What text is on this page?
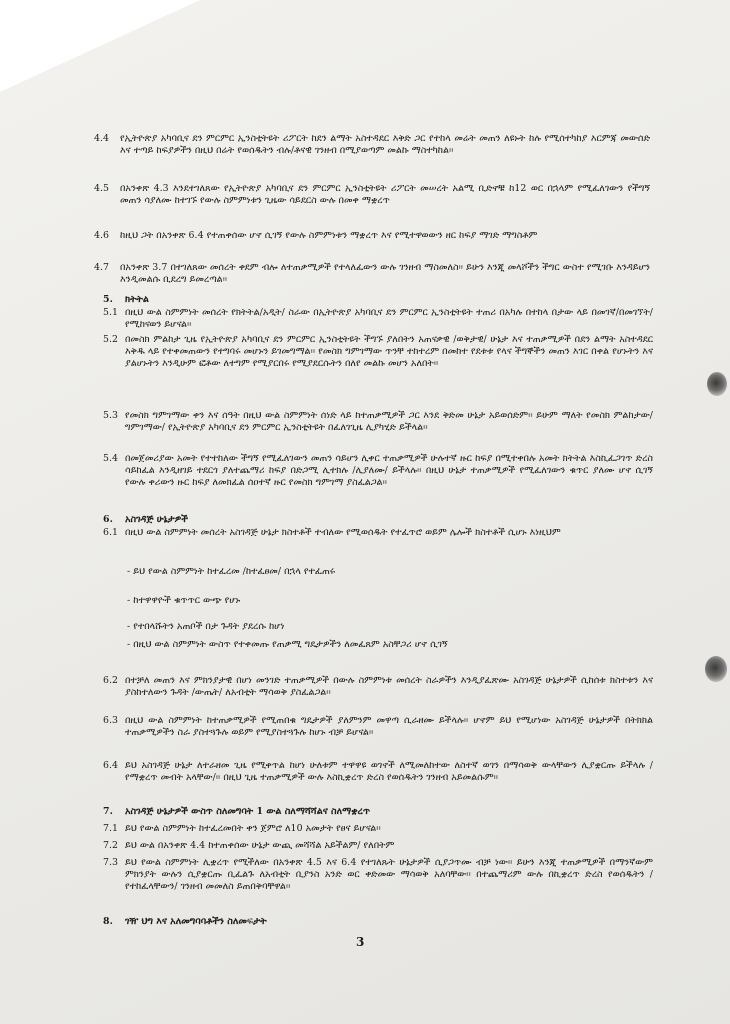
4.4 የኢትዮጵያ አካባቢና ደን ምርምር ኢንስቲትዩት ሪፖርት ከደን ልማት አስተዳደር እቅድ ጋር የተከላ መሬት መጠን ለዩኑት ከሉ የሚሰተካከያ እርምጃ መውሰድ እና ተጣይ ከፍያዎችን በዚህ በሬት የወሰዱትን ብሉ/ቶናዊ ገንዘብ በሚያወጣም መልኩ ማስተካከል፡፡
4.5 በአንቀጽ 4.3 እንደተገለጸው የኢትዮጵያ አካባቢና ደን ምርምር ኢንስቲትዩት ሪፖርት መሠረት አልሚ ቢድኖቹ ከ12 ወር በኋላም የሚፈለገውን የችግኝ መጠን ሳያለሙ ከተገኙ የውሉ ስምምነቱን ጊዜው ሳይደርስ ውሉ በመቀ ማቋረጥ
4.6 ከዚህ ጋት በአንቀጽ 6.4 የተጠቀሰው ሆኖ ሲገኝ የውሉ ስምምነቱን ማቋረጥ እና የሚተዋወውን ዘር ከፍያ ማገድ ማግስቶም
4.7 በአንቀጽ 3.7 በተገለጸው መሰረት ቀደም ብሎ ለተጠቃሚዎች የተላለፈውን ውሉ ገንዘብ ማስመለስ፡፡ ይሁን እንጂ መላሾችን ችግር ውስተ የሚገቡ እንዳይሆን እንዲመልሱ ቢደረግ ይመረጣል፡፡
5. ክትትል
5.1 በዚህ ውል ስምምነት መሰረት የክትትል/አዲት/ ስራው በኢትዮጵያ አካባቢና ደን ምርምር ኢንስቲትዩት ተጠሪ በአካሉ በተከላ በታው ላይ በመገኛ/በመገኘት/ የሚከናወን ይሆናል፡፡
5.2 በመስክ ምልከታ ጊዜ የኢትዮጵያ አካባቢና ደን ምርምር ኢንስቲትዩት ችግኙ ያለበትን አጠናቃዊ /ወቅታዊ/ ሁኔታ እና ተጠቃሚዎች በደን ልማት አስተዳደር እቅዱ ላይ የተቀመጠውን የተግባሩ መሆኑን ይገመግማል፡፡ የመስክ ግምገማው ጥንቸ ተከተረም በመከተ የደቱቱ የላና ችግኞችን መጠን እገር በቀል የሆኑትን እና ያልሆኑትን እንዲሁም ፎቶው ለተግም የሚያርበሩ የሚያደርሱትን በለየ መልኩ መሆን አለበት፡፡
5.3 የመስክ ግምገማው ቀን እና ሰዓት በዚህ ውል ስምምነት ሰነድ ላይ ከተጠቃሚዎች ጋር እንደ ቅድመ ሁኔታ አይወሰድም፡፡ ይሁም ማለት የመስክ ምልከታው/ግምገማው/ የኢትዮጵያ አካባቢና ደን ምርምር ኢንስቲትዩት በፈለገጊዜ ሊያካሂድ ይችላል፡፡
5.4 በመጀመሪያው አመት የተተከለው ችግኝ የሚፈለገውን መጠን ሳይሆን ሊቀር ተጠቃሚዎች ሁሉተኛ ዙር ከፍያ በሚተቀበሉ አመት ክትትል እስኪፈጋገጥ ድረስ ሳይከፈል እንዲዘገይ ተደርጎ ያለተጨማሪ ከፍያ በድጋሚ ሊተክሉ /ሊያለሙ/ ይችላሉ፡፡ በዚህ ሁኔታ ተጠቃሚዎች የሚፈለገውን ቁጥር ያለሙ ሆኖ ሲገኝ የውሉ ቀሪውን ዙር ከፍያ ለመክፈል ሰዐተኛ ዙር የመስክ ግምገማ ያስፈልጋል፡፡
6. አስገዳጅ ሁኔታዎች
6.1 በዚህ ውል ስምምነት መሰረት አስገዳጅ ሁኔታ ክስተቶች ተብለው የሚወሰዱት የተፈጥሮ ወይም ሌሎች ክስተቶች ሲሆኑ እነዚህም
- ይህ የውል ስምምነት ከተፈረመ /ከተፈፀመ/ በኋላ የተፈጠሩ
- ከተዋዋዮች ቁጥጥር ውጭ የሆኑ
- የተበላሹትን አጠቦች በታ ጉዳት ያደረሱ ከሆነ
- በዚህ ውል ስምምነት ውስጥ የተቀመጡ የጠቃሚ ግዴታዎችን ለመፈጸም አስቸጋሪ ሆኖ ሲገኝ
6.2 በተቻለ መጠን እና ምክንያታዊ በሆነ መንገድ ተጠቃሚዎች በውሉ ስምምነቱ መሰረት ስራዎችን እንዲያፈጽሙ አስገዳጅ ሁኔታዎች ሲከሰቱ ክስተቱን እና ያስከተለውን ጉዳት /ውጤት/ ለአብቲት ማሳወቅ ያስፈልጋል፡፡
6.3 በዚህ ውል ስምምነት ከተጠቃሚዎች የሚጠበቁ ግዴታዎች ያለምንም መዋጣ ሲራዘሙ ይችላሉ፡፡ ሆኖም ይህ የሚሆነው አስገዳጅ ሁኔታዎች በትክክል ተጠቃሚዎችን ስራ ያስተጓጉሉ ወይም የሚያስተጓጉሉ ከሆኑ ብቻ ይሆናል፡፡
6.4 ይህ አስገዳጅ ሁኔታ ለተራዘመ ጊዜ የሚቀጥል ከሆነ ሁለቱም ተዋዋዩ ወገኖች ለሚመለከተው ለስተኛ ወገን በማሳወቅ ውላቸውን ሊያቋርጡ ይችላሉ /የማቋረጥ መብት አላቸው/፡፡ በዚህ ጊዜ ተጠቃሚዎች ውሉ እስኪቋረጥ ድረስ የወሰዱትን ገንዘብ አይመልሱም፡፡
7. አስገዳጅ ሁኔታዎች ውስጥ ስለመግባት 1 ውል ስለማሻሻልና ስለማቋረጥ
7.1 ይህ የውል ስምምነት ከተፈረመበት ቀን ጀምሮ ለ10 አመታት የፀና ይሆናል፡፡
7.2 ይህ ውል በአንቀጽ 4.4 ከተጠቀሰው ሁኔታ ውጪ መሻሻል አይችልም/ የለበትም
7.3 ይህ የውል ስምምነት ሊቋረጥ የሚችለው በአንቀጽ 4.5 እና 6.4 የተገለጹት ሁኔታዎች ሲያጋጥሙ ብቻ ነው፡፡ ይሁን እንጂ ተጠቃሚዎች በማንኛውም ምክንያት ውሉን ሲያቋርጡ ቢፈልጉ ለአብቲት ቢያንስ አንድ ወር ቀድመው ማሳወቅ አለባቸው፡፡ በተጨማሪም ውሉ በኪቋረጥ ድረስ የወሰዱትን /የተከፈላቸውን/ ገንዘብ መመለስ ይጠበቅባቸዋል፡፡
8. ገዥ ህግ እና አለመግባባቶችን ስለመፍታት
3
